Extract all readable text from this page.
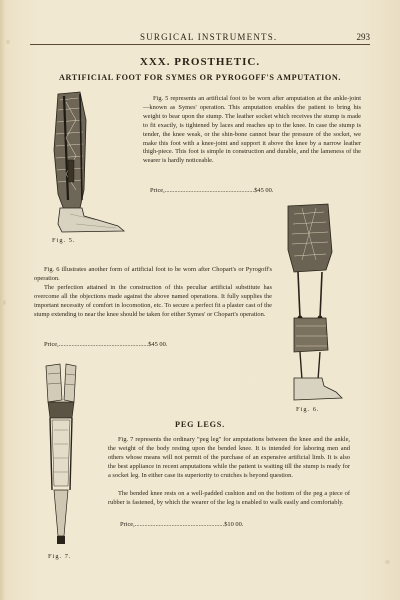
SURGICAL INSTRUMENTS.	293
XXX. PROSTHETIC.
ARTIFICIAL FOOT FOR SYMES OR PYROGOFF'S AMPUTATION.
Fig. 5.

Fig. 5 represents an artificial foot to be worn after amputation at the ankle-joint—known as Symes' operation. This amputation enables the patient to bring his weight to bear upon the stump. The leather socket which receives the stump is made to fit exactly, is tightened by laces and reaches up to the knee. In case the stump is tender, the knee weak, or the shin-bone cannot bear the pressure of the socket, we make this foot with a knee-joint and support it above the knee by a narrow leather thigh-piece. This foot is simple in construction and durable, and the lameness of the wearer is hardly noticeable.

Price,........................................................$45 00.
Fig. 6.

Fig. 6 illustrates another form of artificial foot to be worn after Chopart's or Pyrogoff's operation.

The perfection attained in the construction of this peculiar artificial substitute has overcome all the objections made against the above named operations. It fully supplies the important necessity of comfort in locomotion, etc. To secure a perfect fit a plaster cast of the stump extending to near the knee should be taken for either Symes' or Chopart's operation.

Price,........................................................$45 00.
PEG LEGS.
Fig. 7.

Fig. 7 represents the ordinary "peg leg" for amputations between the knee and the ankle, the weight of the body resting upon the bended knee. It is intended for laboring men and others whose means will not permit of the purchase of an expensive artificial limb. It is also the best appliance in recent amputations while the patient is waiting till the stump is ready for a socket leg. In either case its superiority to crutches is beyond question.

The bended knee rests on a well-padded cushion and on the bottom of the peg a piece of rubber is fastened, by which the wearer of the leg is enabled to walk easily and comfortably.

Price,........................................................$10 00.
